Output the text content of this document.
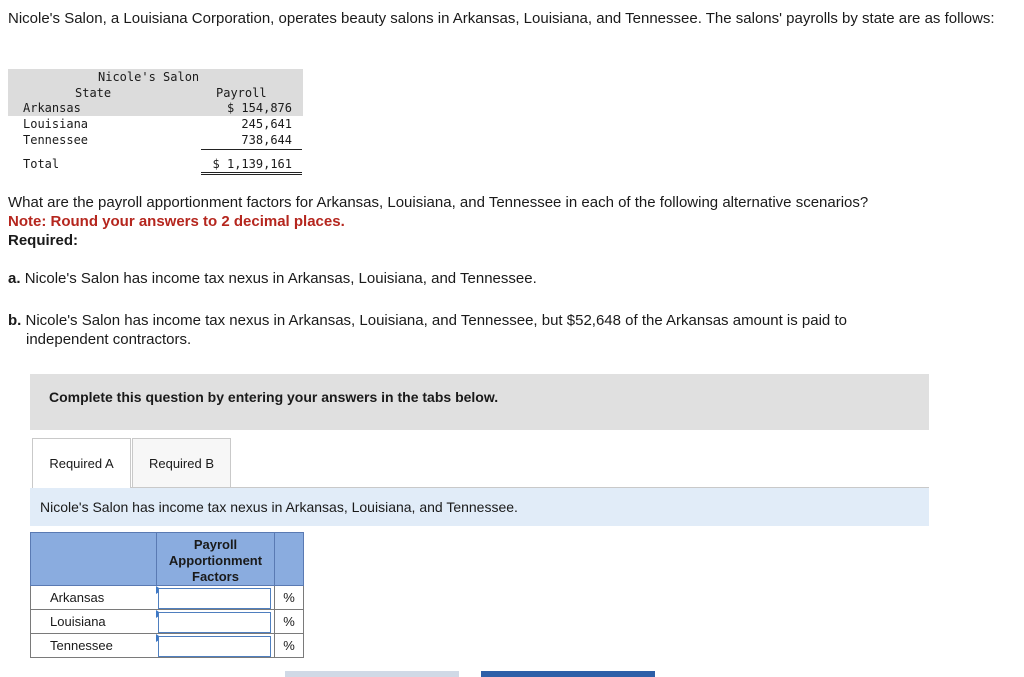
Nicole's Salon, a Louisiana Corporation, operates beauty salons in Arkansas, Louisiana, and Tennessee. The salons' payrolls by state are as follows:
Nicole's Salon
State	Payroll
Arkansas	$ 154,876
Louisiana	245,641
Tennessee	738,644
Total	$ 1,139,161
What are the payroll apportionment factors for Arkansas, Louisiana, and Tennessee in each of the following alternative scenarios?
Note: Round your answers to 2 decimal places.
Required:
a. Nicole's Salon has income tax nexus in Arkansas, Louisiana, and Tennessee.
b. Nicole's Salon has income tax nexus in Arkansas, Louisiana, and Tennessee, but $52,648 of the Arkansas amount is paid to
independent contractors.
Complete this question by entering your answers in the tabs below.
Required A	Required B
Nicole's Salon has income tax nexus in Arkansas, Louisiana, and Tennessee.
Payroll
Apportionment
Factors
Arkansas	%
Louisiana	%
Tennessee	%
